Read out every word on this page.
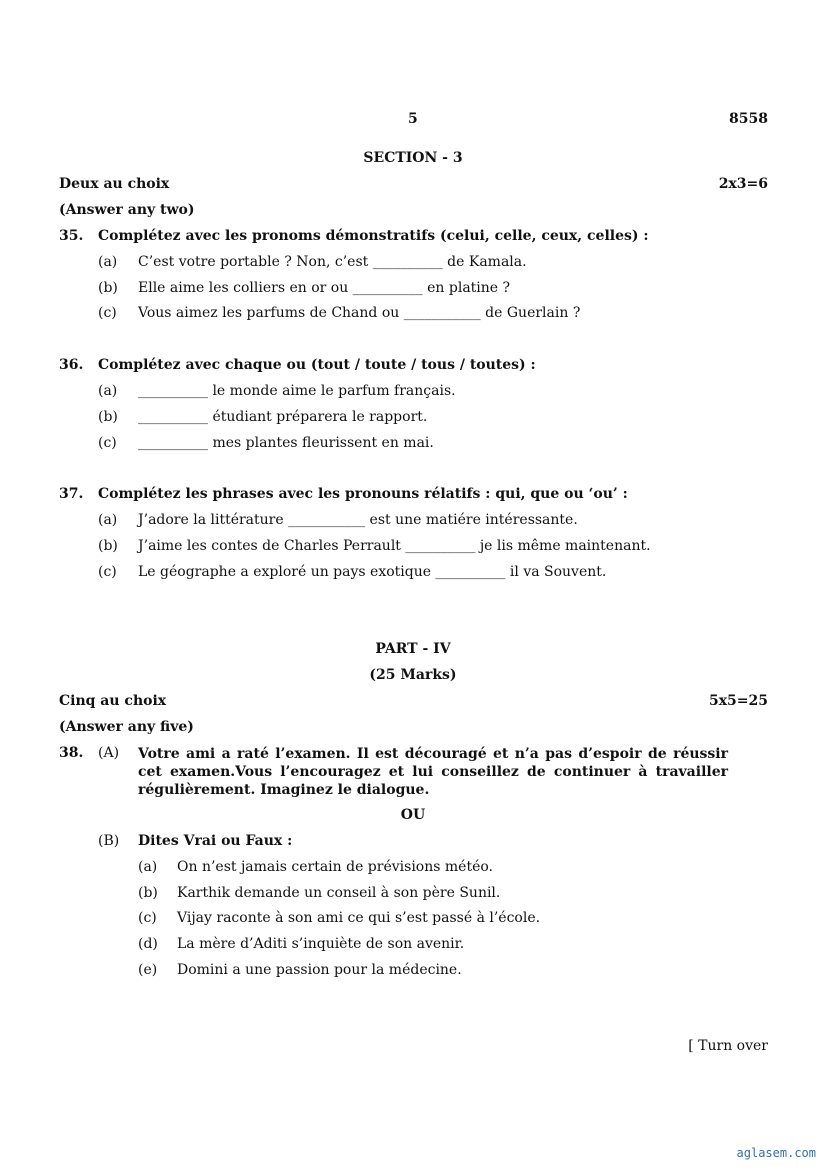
5	8558
SECTION - 3
Deux au choix	2x3=6
(Answer any two)
35. Complétez avec les pronoms démonstratifs (celui, celle, ceux, celles) :
(a) C’est votre portable ? Non, c’est __________ de Kamala.
(b) Elle aime les colliers en or ou __________ en platine ?
(c) Vous aimez les parfums de Chand ou ___________ de Guerlain ?
36. Complétez avec chaque ou (tout / toute / tous / toutes) :
(a) __________ le monde aime le parfum français.
(b) __________ étudiant préparera le rapport.
(c) __________ mes plantes fleurissent en mai.
37. Complétez les phrases avec les pronouns rélatifs : qui, que ou ‘ou’ :
(a) J’adore la littérature ___________ est une matiére intéressante.
(b) J’aime les contes de Charles Perrault __________ je lis même maintenant.
(c) Le géographe a exploré un pays exotique __________ il va Souvent.
PART - IV
(25 Marks)
Cinq au choix	5x5=25
(Answer any five)
38. (A) Votre ami a raté l’examen. Il est découragé et n’a pas d’espoir de réussir cet examen.Vous l’encouragez et lui conseillez de continuer à travailler régulièrement. Imaginez le dialogue.
OU
(B) Dites Vrai ou Faux :
(a) On n’est jamais certain de prévisions météo.
(b) Karthik demande un conseil à son père Sunil.
(c) Vijay raconte à son ami ce qui s’est passé à l’école.
(d) La mère d’Aditi s’inquiète de son avenir.
(e) Domini a une passion pour la médecine.
[ Turn over
aglasem.com
